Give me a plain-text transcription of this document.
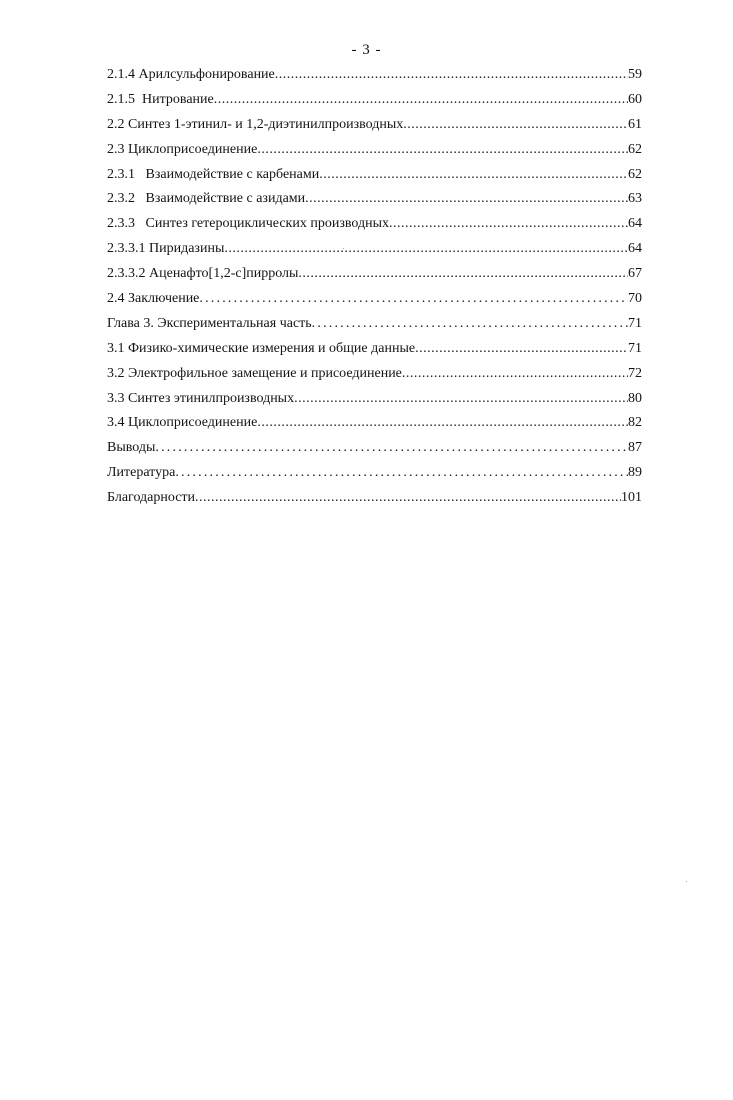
- 3 -
2.1.4 Арилсульфонирование .....	59
2.1.5  Нитрование .....	60
2.2 Синтез 1-этинил- и 1,2-диэтинилпроизводных .....	61
2.3 Циклоприсоединение .....	62
2.3.1   Взаимодействие с карбенами .....	62
2.3.2   Взаимодействие с азидами .....	63
2.3.3   Синтез гетероциклических производных .....	64
2.3.3.1 Пиридазины .....	64
2.3.3.2 Аценафто[1,2-c]пирролы .....	67
2.4 Заключение .....	70
Глава 3. Экспериментальная часть .....	71
3.1 Физико-химические измерения и общие данные .....	71
3.2 Электрофильное замещение и присоединение .....	72
3.3 Синтез этинилпроизводных .....	80
3.4 Циклоприсоединение .....	82
Выводы .....	87
Литература .....	89
Благодарности .....	101
